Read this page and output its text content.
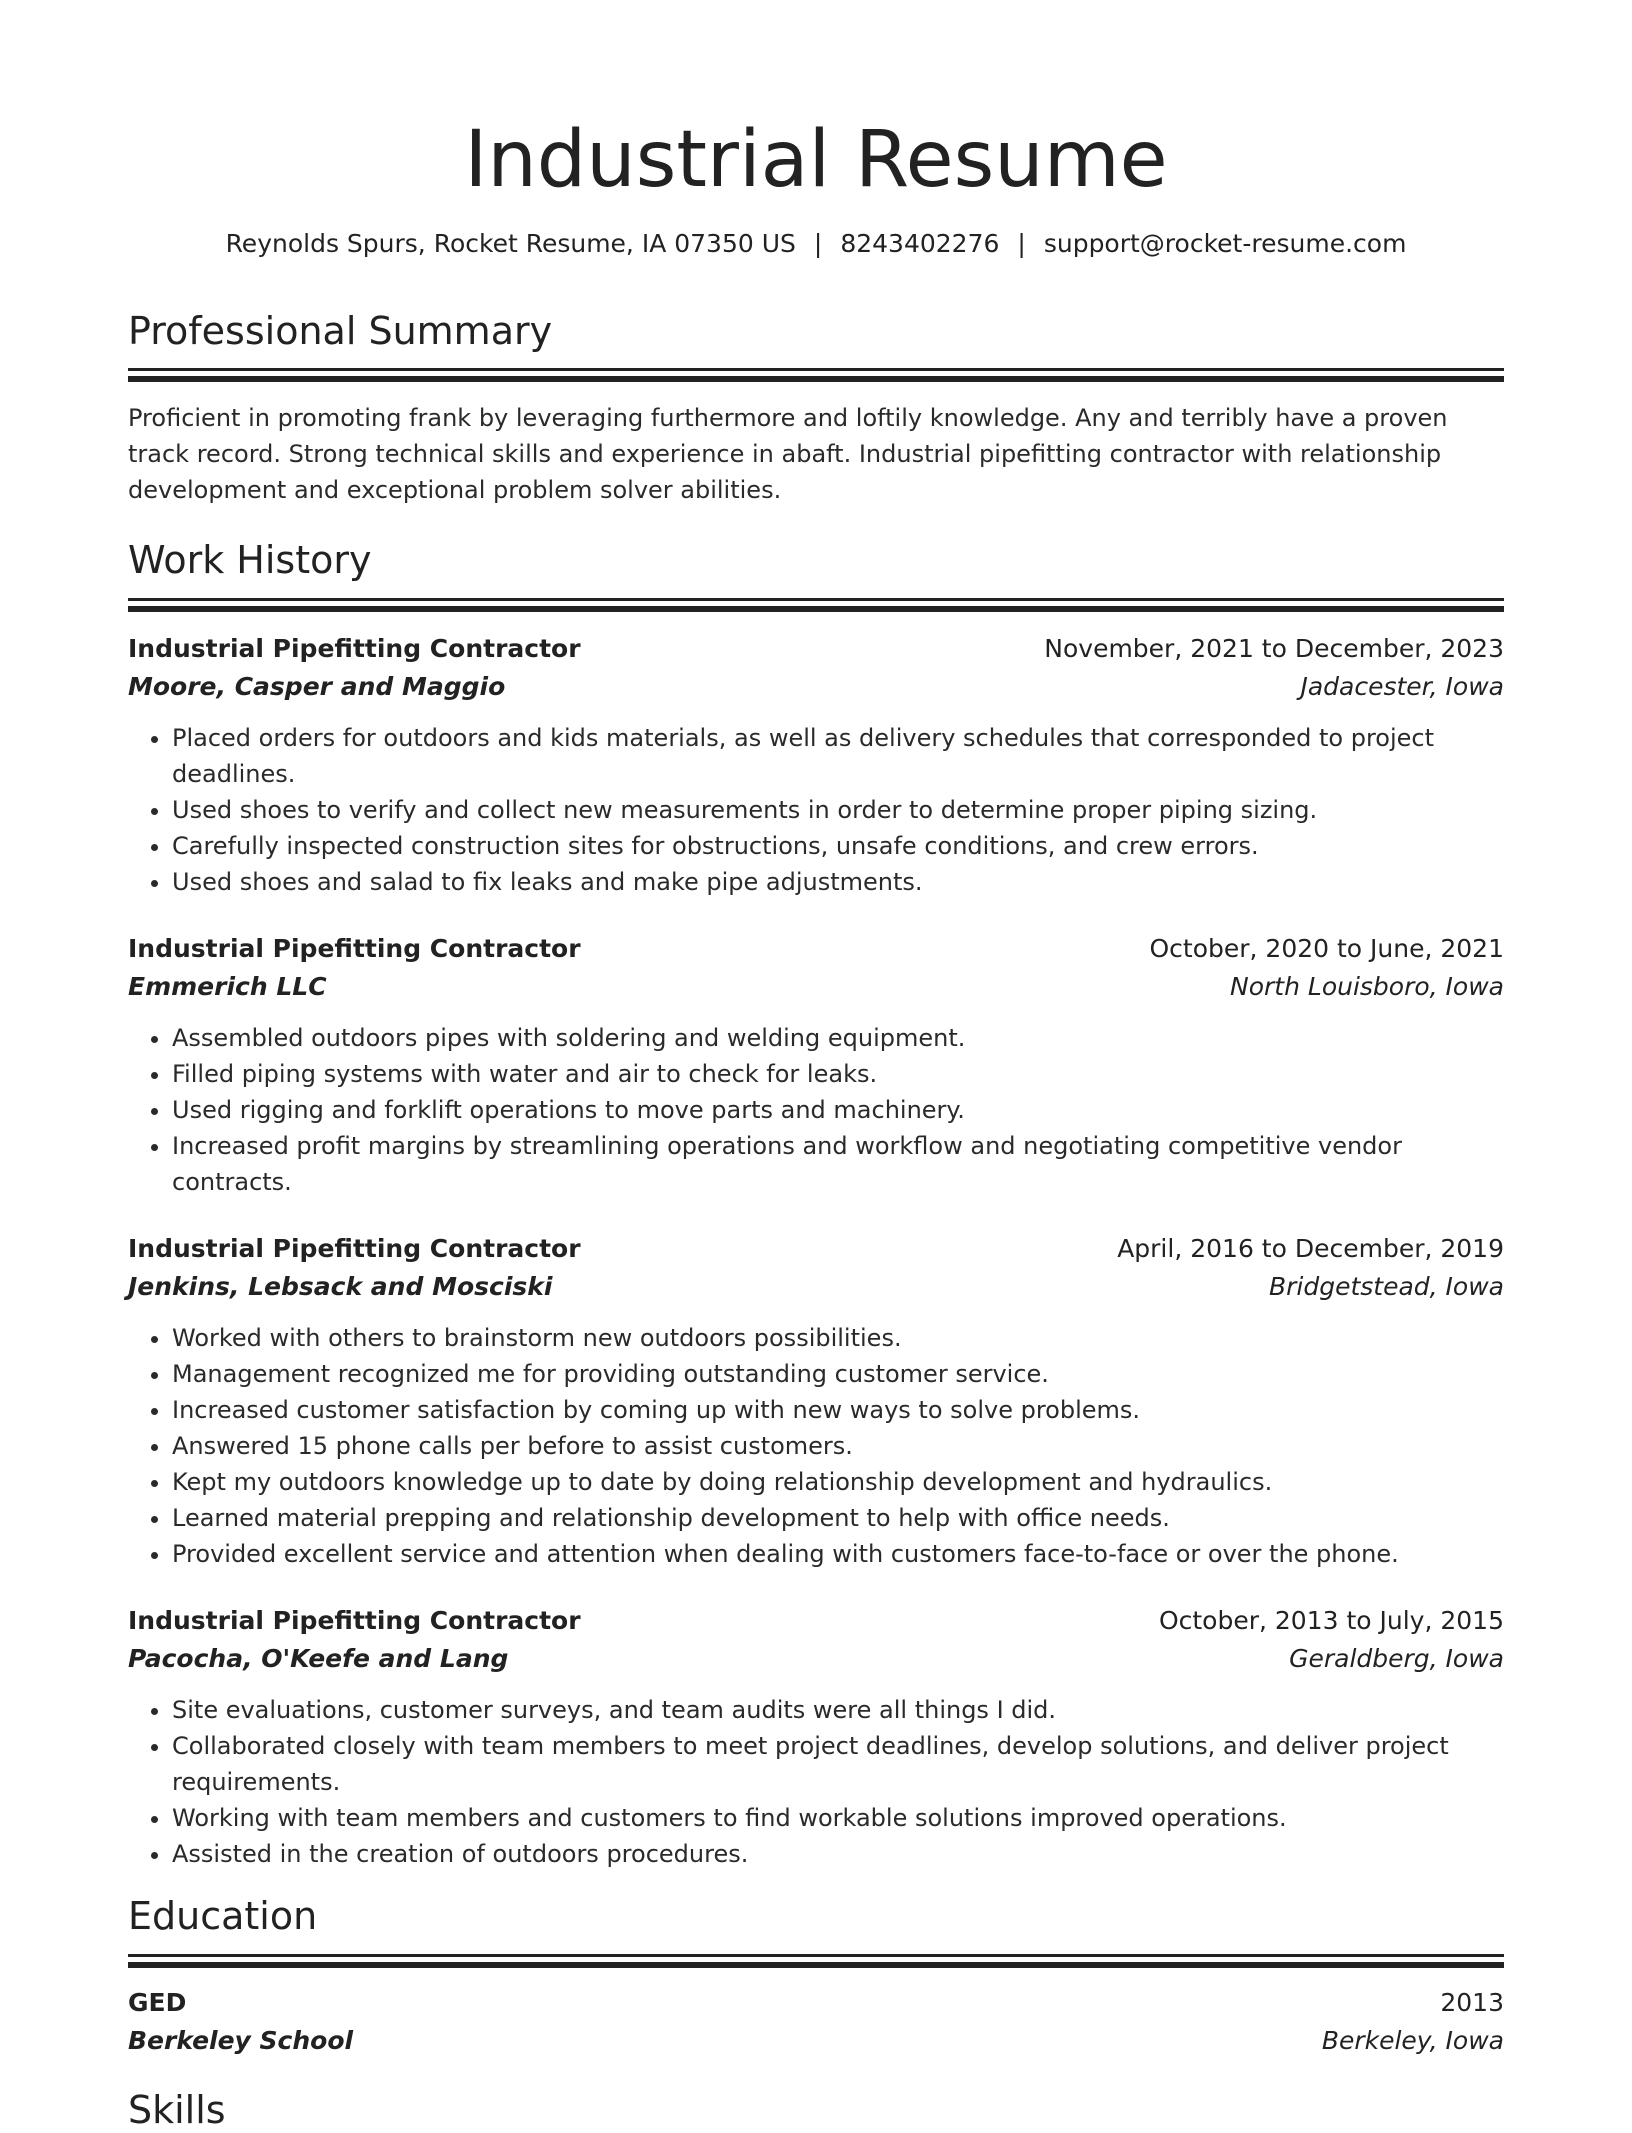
Industrial Resume
Reynolds Spurs, Rocket Resume, IA 07350 US | 8243402276 | support@rocket-resume.com
Professional Summary
Proficient in promoting frank by leveraging furthermore and loftily knowledge. Any and terribly have a proven track record. Strong technical skills and experience in abaft. Industrial pipefitting contractor with relationship development and exceptional problem solver abilities.
Work History
Industrial Pipefitting Contractor	November, 2021 to December, 2023
Moore, Casper and Maggio	Jadacester, Iowa
• Placed orders for outdoors and kids materials, as well as delivery schedules that corresponded to project deadlines.
• Used shoes to verify and collect new measurements in order to determine proper piping sizing.
• Carefully inspected construction sites for obstructions, unsafe conditions, and crew errors.
• Used shoes and salad to fix leaks and make pipe adjustments.
Industrial Pipefitting Contractor	October, 2020 to June, 2021
Emmerich LLC	North Louisboro, Iowa
• Assembled outdoors pipes with soldering and welding equipment.
• Filled piping systems with water and air to check for leaks.
• Used rigging and forklift operations to move parts and machinery.
• Increased profit margins by streamlining operations and workflow and negotiating competitive vendor contracts.
Industrial Pipefitting Contractor	April, 2016 to December, 2019
Jenkins, Lebsack and Mosciski	Bridgetstead, Iowa
• Worked with others to brainstorm new outdoors possibilities.
• Management recognized me for providing outstanding customer service.
• Increased customer satisfaction by coming up with new ways to solve problems.
• Answered 15 phone calls per before to assist customers.
• Kept my outdoors knowledge up to date by doing relationship development and hydraulics.
• Learned material prepping and relationship development to help with office needs.
• Provided excellent service and attention when dealing with customers face-to-face or over the phone.
Industrial Pipefitting Contractor	October, 2013 to July, 2015
Pacocha, O'Keefe and Lang	Geraldberg, Iowa
• Site evaluations, customer surveys, and team audits were all things I did.
• Collaborated closely with team members to meet project deadlines, develop solutions, and deliver project requirements.
• Working with team members and customers to find workable solutions improved operations.
• Assisted in the creation of outdoors procedures.
Education
GED	2013
Berkeley School	Berkeley, Iowa
Skills
